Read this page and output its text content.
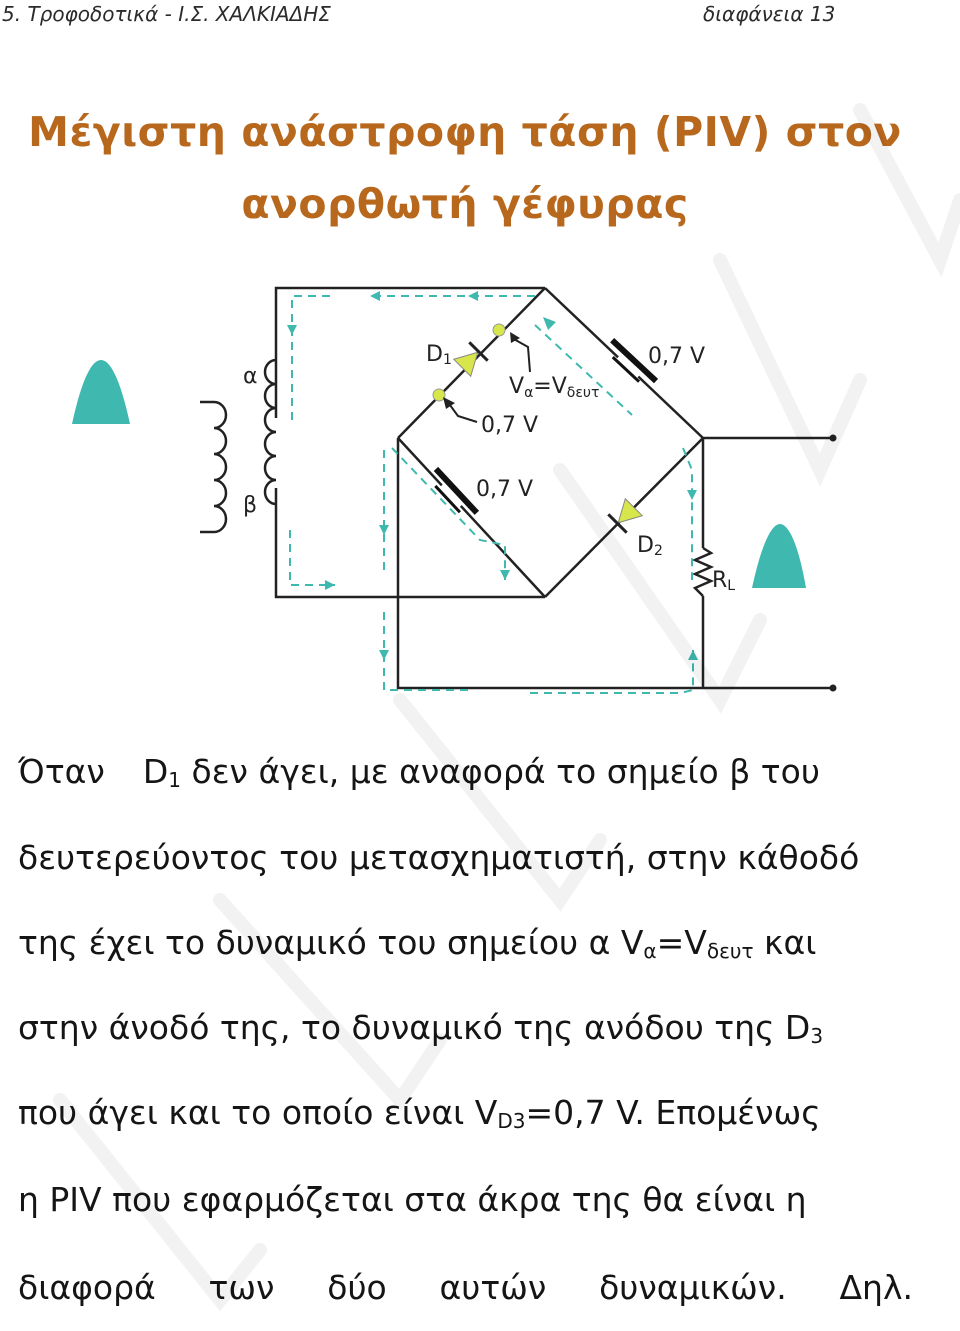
5. Τροφοδοτικά - Ι.Σ. ΧΑΛΚΙΑΔΗΣ	διαφάνεια 13
Μέγιστη ανάστροφη τάση (PIV) στον
ανορθωτή γέφυρας
α
β
D1
Vα=Vδευτ
0,7 V
0,7 V
0,7 V
D2
RL
Όταν $D_1$ δεν άγει, με αναφορά το σημείο β του
δευτερεύοντος του μετασχηματιστή, στην κάθοδό
της έχει το δυναμικό του σημείου α $V_\alpha=V_{\delta\varepsilon\upsilon\tau}$ και
στην άνοδό της, το δυναμικό της ανόδου της $D_3$
που άγει και το οποίο είναι $V_{D3}=0,7$ V. Επομένως
η PIV που εφαρμόζεται στα άκρα της θα είναι η
διαφορά των δύο αυτών δυναμικών. Δηλ.
